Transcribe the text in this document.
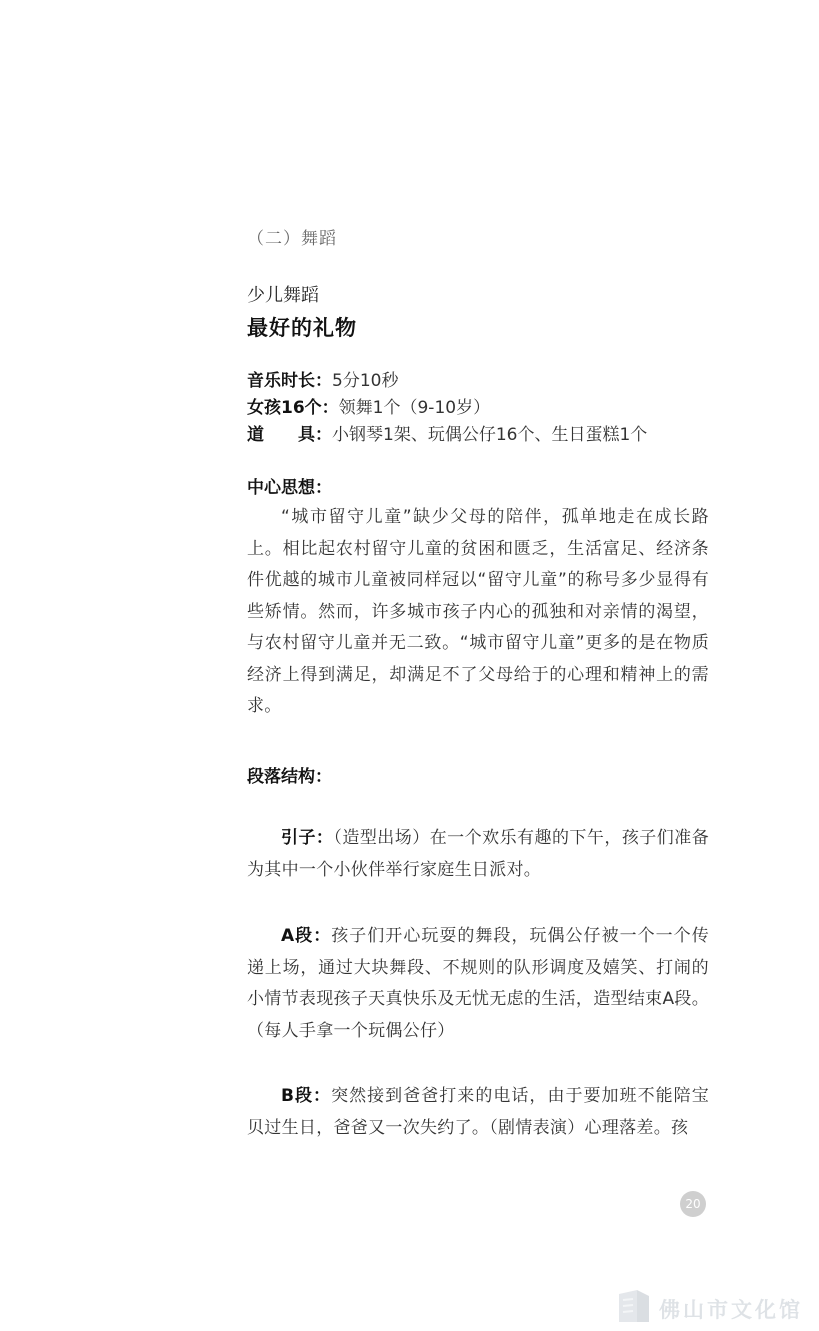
（二）舞蹈

少儿舞蹈

最好的礼物
音乐时长：5分10秒
女孩16个：领舞1个（9-10岁）
道　　具：小钢琴1架、玩偶公仔16个、生日蛋糕1个
中心思想：

“城市留守儿童”缺少父母的陪伴，孤单地走在成长路上。相比起农村留守儿童的贫困和匮乏，生活富足、经济条件优越的城市儿童被同样冠以“留守儿童”的称号多少显得有些矫情。然而，许多城市孩子内心的孤独和对亲情的渴望，与农村留守儿童并无二致。“城市留守儿童”更多的是在物质经济上得到满足，却满足不了父母给于的心理和精神上的需求。

段落结构：

引子：（造型出场）在一个欢乐有趣的下午，孩子们准备为其中一个小伙伴举行家庭生日派对。

A段：孩子们开心玩耍的舞段，玩偶公仔被一个一个传递上场，通过大块舞段、不规则的队形调度及嬉笑、打闹的小情节表现孩子天真快乐及无忧无虑的生活，造型结束A段。（每人手拿一个玩偶公仔）

B段：突然接到爸爸打来的电话，由于要加班不能陪宝贝过生日，爸爸又一次失约了。（剧情表演）心理落差。孩

20
佛山市文化馆
